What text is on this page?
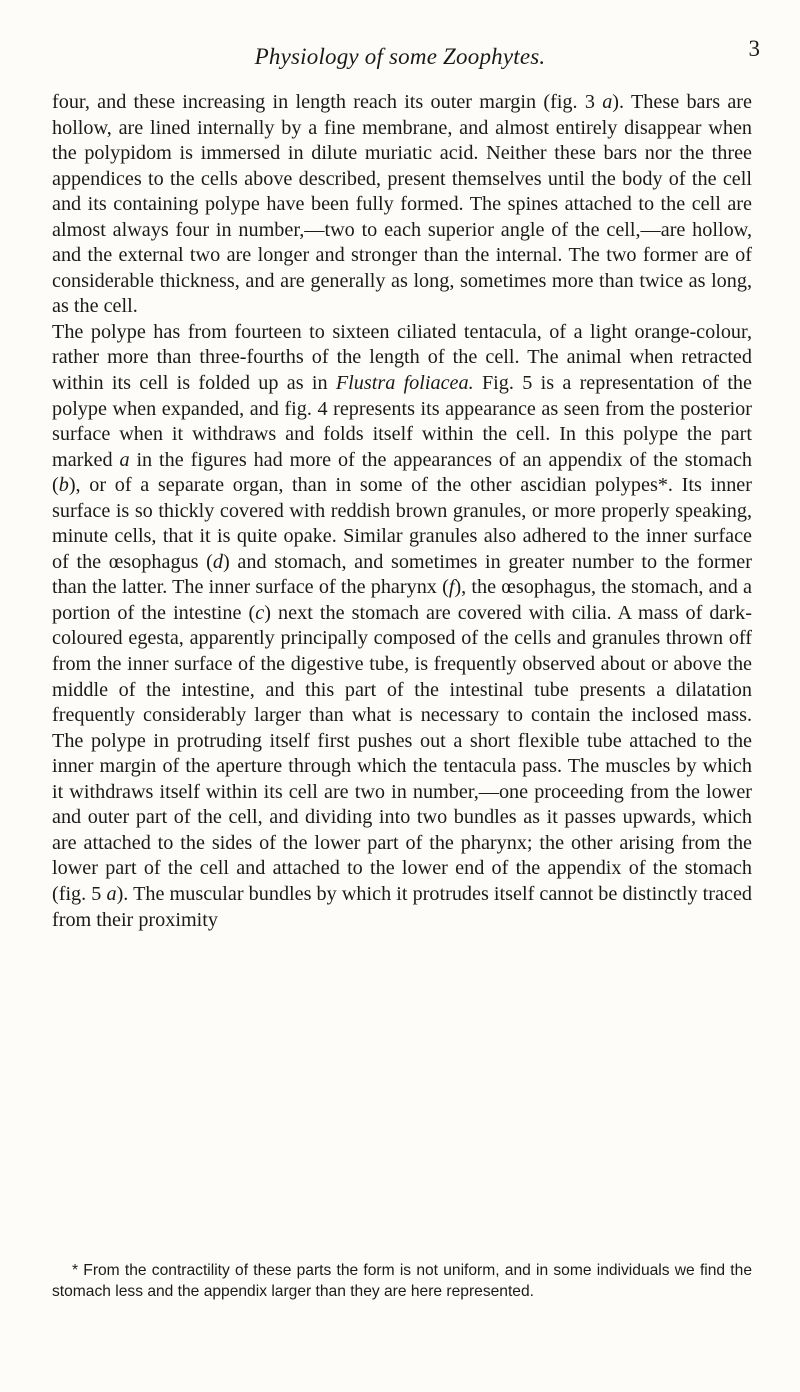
Physiology of some Zoophytes.	3

four, and these increasing in length reach its outer margin (fig. 3 a). These bars are hollow, are lined internally by a fine membrane, and almost entirely disappear when the polypidom is immersed in dilute muriatic acid. Neither these bars nor the three appendices to the cells above described, present themselves until the body of the cell and its containing polype have been fully formed. The spines attached to the cell are almost always four in number,—two to each superior angle of the cell,—are hollow, and the external two are longer and stronger than the internal. The two former are of considerable thickness, and are generally as long, sometimes more than twice as long, as the cell.

The polype has from fourteen to sixteen ciliated tentacula, of a light orange-colour, rather more than three-fourths of the length of the cell. The animal when retracted within its cell is folded up as in Flustra foliacea. Fig. 5 is a representation of the polype when expanded, and fig. 4 represents its appearance as seen from the posterior surface when it withdraws and folds itself within the cell. In this polype the part marked a in the figures had more of the appearances of an appendix of the stomach (b), or of a separate organ, than in some of the other ascidian polypes*. Its inner surface is so thickly covered with reddish brown granules, or more properly speaking, minute cells, that it is quite opake. Similar granules also adhered to the inner surface of the œsophagus (d) and stomach, and sometimes in greater number to the former than the latter. The inner surface of the pharynx (f), the œsophagus, the stomach, and a portion of the intestine (c) next the stomach are covered with cilia. A mass of dark-coloured egesta, apparently principally composed of the cells and granules thrown off from the inner surface of the digestive tube, is frequently observed about or above the middle of the intestine, and this part of the intestinal tube presents a dilatation frequently considerably larger than what is necessary to contain the inclosed mass. The polype in protruding itself first pushes out a short flexible tube attached to the inner margin of the aperture through which the tentacula pass. The muscles by which it withdraws itself within its cell are two in number,—one proceeding from the lower and outer part of the cell, and dividing into two bundles as it passes upwards, which are attached to the sides of the lower part of the pharynx; the other arising from the lower part of the cell and attached to the lower end of the appendix of the stomach (fig. 5 a). The muscular bundles by which it protrudes itself cannot be distinctly traced from their proximity

* From the contractility of these parts the form is not uniform, and in some individuals we find the stomach less and the appendix larger than they are here represented.
